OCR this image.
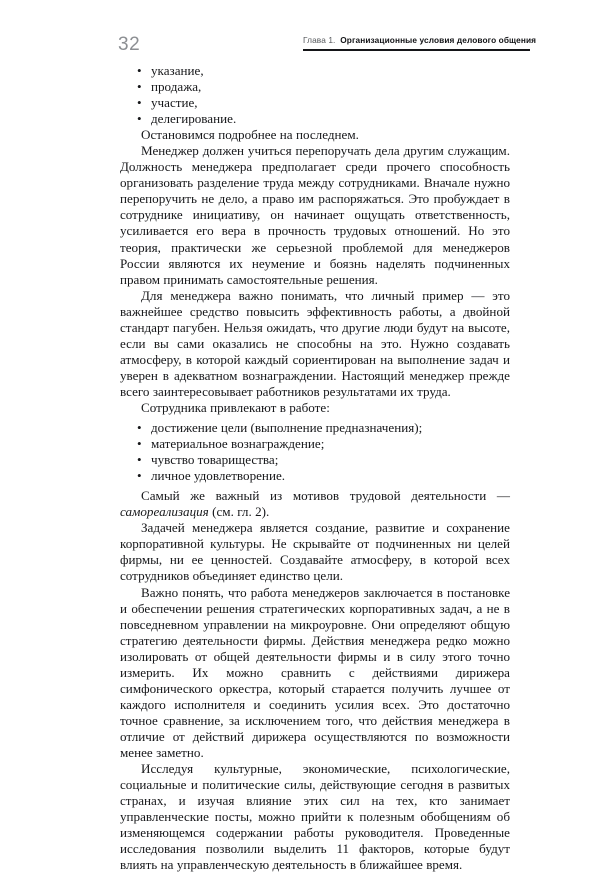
32	Глава 1. Организационные условия делового общения
• указание,
• продажа,
• участие,
• делегирование.

Остановимся подробнее на последнем.

Менеджер должен учиться перепоручать дела другим служащим. Должность менеджера предполагает среди прочего способность организовать разделение труда между сотрудниками. Вначале нужно перепоручить не дело, а право им распоряжаться. Это пробуждает в сотруднике инициативу, он начинает ощущать ответственность, усиливается его вера в прочность трудовых отношений. Но это теория, практически же серьезной проблемой для менеджеров России являются их неумение и боязнь наделять подчиненных правом принимать самостоятельные решения.

Для менеджера важно понимать, что личный пример — это важнейшее средство повысить эффективность работы, а двойной стандарт пагубен. Нельзя ожидать, что другие люди будут на высоте, если вы сами оказались не способны на это. Нужно создавать атмосферу, в которой каждый сориентирован на выполнение задач и уверен в адекватном вознаграждении. Настоящий менеджер прежде всего заинтересовывает работников результатами их труда.

Сотрудника привлекают в работе:

• достижение цели (выполнение предназначения);
• материальное вознаграждение;
• чувство товарищества;
• личное удовлетворение.

Самый же важный из мотивов трудовой деятельности — самореализация (см. гл. 2).

Задачей менеджера является создание, развитие и сохранение корпоративной культуры. Не скрывайте от подчиненных ни целей фирмы, ни ее ценностей. Создавайте атмосферу, в которой всех сотрудников объединяет единство цели.

Важно понять, что работа менеджеров заключается в постановке и обеспечении решения стратегических корпоративных задач, а не в повседневном управлении на микроуровне. Они определяют общую стратегию деятельности фирмы. Действия менеджера редко можно изолировать от общей деятельности фирмы и в силу этого точно измерить. Их можно сравнить с действиями дирижера симфонического оркестра, который старается получить лучшее от каждого исполнителя и соединить усилия всех. Это достаточно точное сравнение, за исключением того, что действия менеджера в отличие от действий дирижера осуществляются по возможности менее заметно.

Исследуя культурные, экономические, психологические, социальные и политические силы, действующие сегодня в развитых странах, и изучая влияние этих сил на тех, кто занимает управленческие посты, можно прийти к полезным обобщениям об изменяющемся содержании работы руководителя. Проведенные исследования позволили выделить 11 факторов, которые будут влиять на управленческую деятельность в ближайшее время.
